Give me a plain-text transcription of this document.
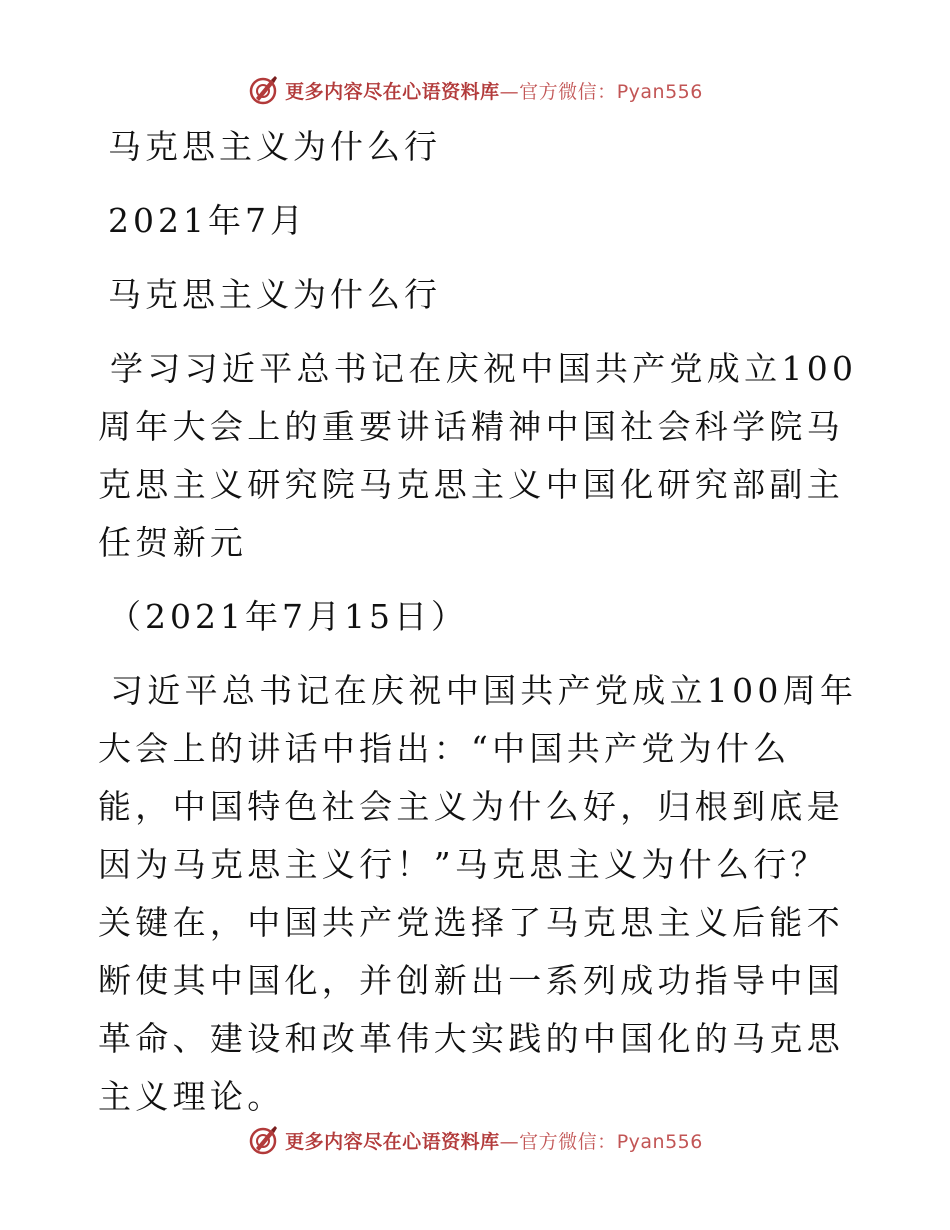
更多内容尽在心语资料库—官方微信：Pyan556

马克思主义为什么行

2021年7月

马克思主义为什么行

学习习近平总书记在庆祝中国共产党成立100周年大会上的重要讲话精神中国社会科学院马克思主义研究院马克思主义中国化研究部副主任贺新元

（2021年7月15日）

习近平总书记在庆祝中国共产党成立100周年大会上的讲话中指出：“中国共产党为什么能，中国特色社会主义为什么好，归根到底是因为马克思主义行！”马克思主义为什么行？关键在，中国共产党选择了马克思主义后能不断使其中国化，并创新出一系列成功指导中国革命、建设和改革伟大实践的中国化的马克思主义理论。

更多内容尽在心语资料库—官方微信：Pyan556
